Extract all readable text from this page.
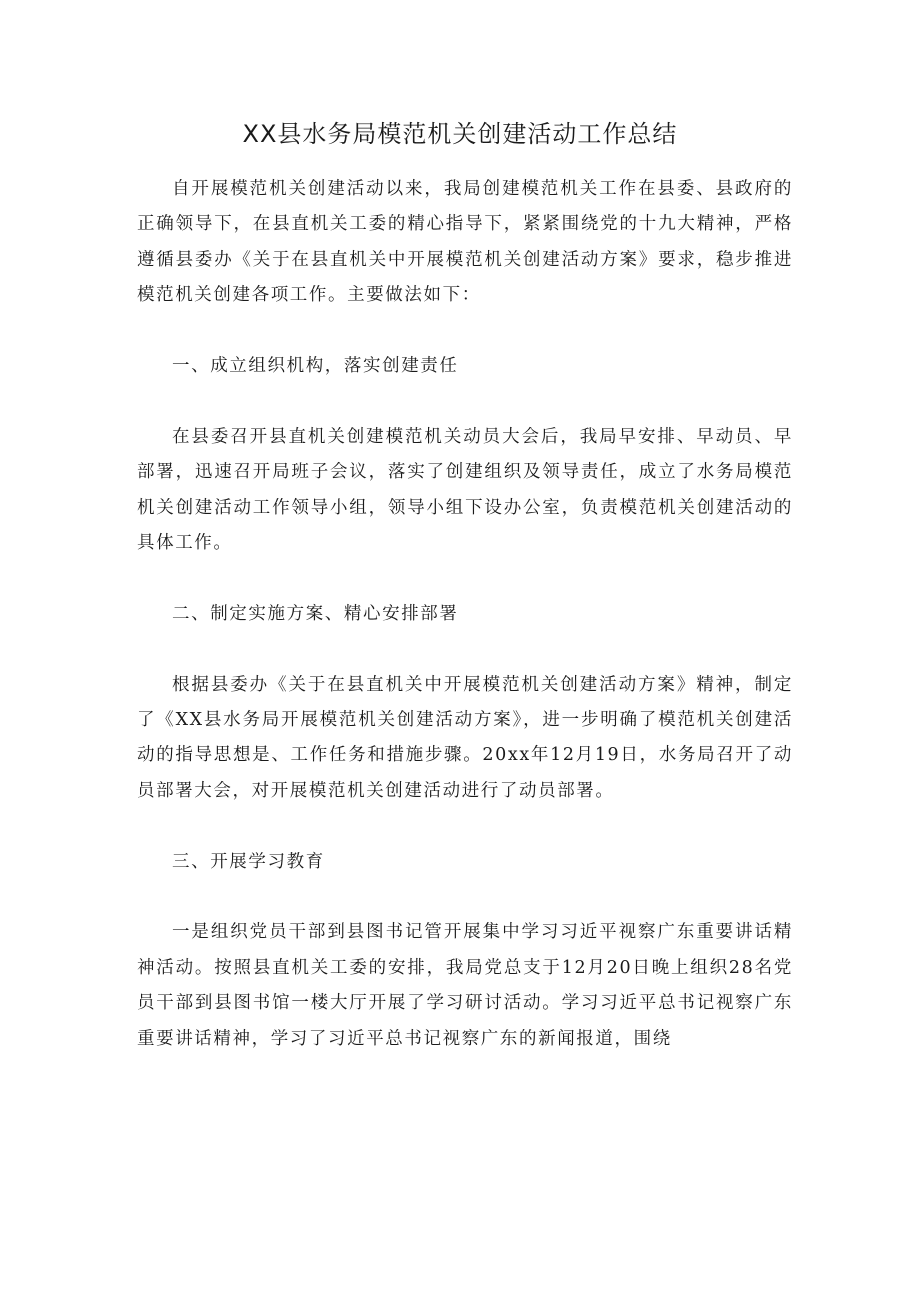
XX县水务局模范机关创建活动工作总结

自开展模范机关创建活动以来，我局创建模范机关工作在县委、县政府的正确领导下，在县直机关工委的精心指导下，紧紧围绕党的十九大精神，严格遵循县委办《关于在县直机关中开展模范机关创建活动方案》要求，稳步推进模范机关创建各项工作。主要做法如下：

一、成立组织机构，落实创建责任

在县委召开县直机关创建模范机关动员大会后，我局早安排、早动员、早部署，迅速召开局班子会议，落实了创建组织及领导责任，成立了水务局模范机关创建活动工作领导小组，领导小组下设办公室，负责模范机关创建活动的具体工作。

二、制定实施方案、精心安排部署

根据县委办《关于在县直机关中开展模范机关创建活动方案》精神，制定了《XX县水务局开展模范机关创建活动方案》，进一步明确了模范机关创建活动的指导思想是、工作任务和措施步骤。20xx年12月19日，水务局召开了动员部署大会，对开展模范机关创建活动进行了动员部署。

三、开展学习教育

一是组织党员干部到县图书记管开展集中学习习近平视察广东重要讲话精神活动。按照县直机关工委的安排，我局党总支于12月20日晚上组织28名党员干部到县图书馆一楼大厅开展了学习研讨活动。学习习近平总书记视察广东重要讲话精神，学习了习近平总书记视察广东的新闻报道，围绕
